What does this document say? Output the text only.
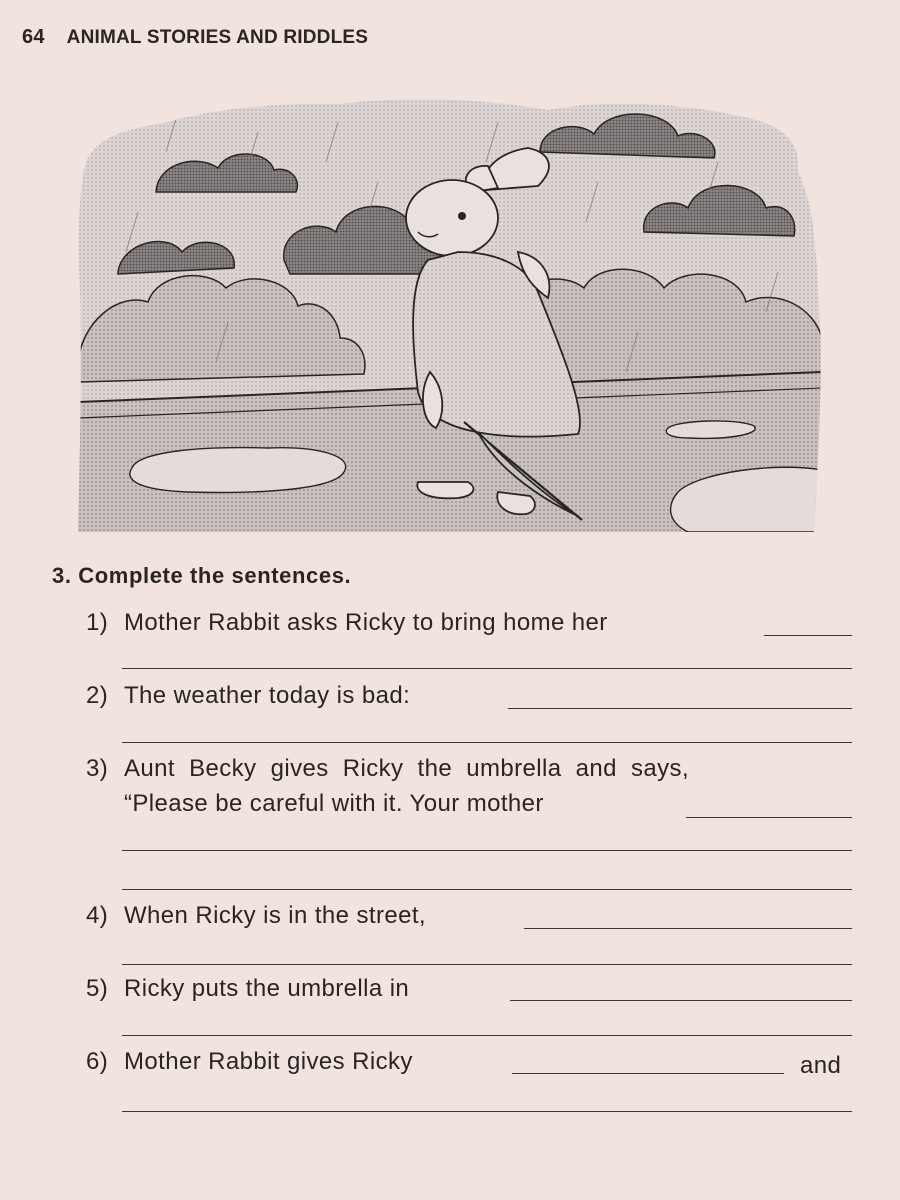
64 ANIMAL STORIES AND RIDDLES
3. Complete the sentences.
1) Mother Rabbit asks Ricky to bring home her
2) The weather today is bad:
3) Aunt  Becky  gives  Ricky  the  umbrella  and  says,
“Please be careful with it. Your mother
4) When Ricky is in the street,
5) Ricky puts the umbrella in
6) Mother Rabbit gives Ricky	and
